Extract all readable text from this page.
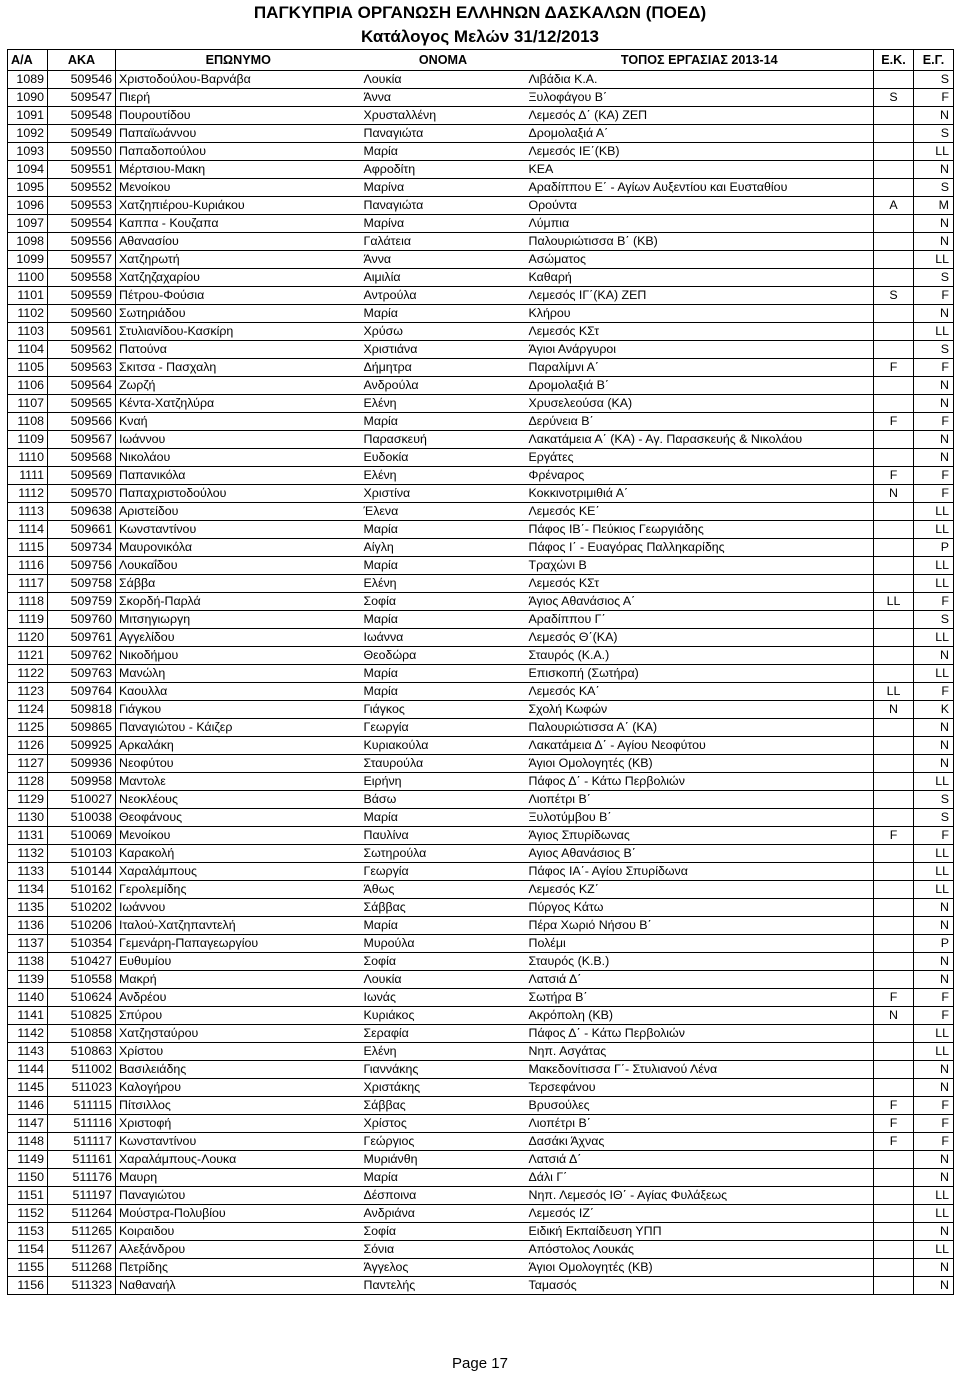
ΠΑΓΚΥΠΡΙΑ ΟΡΓΑΝΩΣΗ ΕΛΛΗΝΩΝ ΔΑΣΚΑΛΩΝ (ΠΟΕΔ)
Κατάλογος Μελών 31/12/2013
Α/Α	ΑΚΑ	ΕΠΩΝΥΜΟ	ΟΝΟΜΑ	ΤΟΠΟΣ ΕΡΓΑΣΙΑΣ 2013-14	Ε.Κ.	Ε.Γ.
1089	509546	Χριστοδούλου-Βαρνάβα	Λουκία	Λιβάδια Κ.Α.		S
1090	509547	Πιερή	Άννα	Ξυλοφάγου Β΄	S	F
1091	509548	Πουρουτίδου	Χρυσταλλένη	Λεμεσός Δ΄ (ΚΑ) ΖΕΠ		N
1092	509549	Παπαϊωάννου	Παναγιώτα	Δρομολαξιά Α΄		S
1093	509550	Παπαδοπούλου	Μαρία	Λεμεσός ΙΕ΄(ΚΒ)		LL
1094	509551	Μέρτσιου-Μακη	Αφροδίτη	ΚΕΑ		N
1095	509552	Μενοίκου	Μαρίνα	Αραδίππου Ε΄ - Αγίων Αυξεντίου και Ευσταθίου		S
1096	509553	Χατζηπιέρου-Κυριάκου	Παναγιώτα	Ορούντα	A	M
1097	509554	Καππα - Κουζαπα	Μαρίνα	Λύμπια		N
1098	509556	Αθανασίου	Γαλάτεια	Παλουριώτισσα Β΄ (ΚΒ)		N
1099	509557	Χατζηρωτή	Άννα	Ασώματος		LL
1100	509558	Χατζηζαχαρίου	Αιμιλία	Καθαρή		S
1101	509559	Πέτρου-Φούσια	Αντρούλα	Λεμεσός ΙΓ΄(ΚΑ) ΖΕΠ	S	F
1102	509560	Σωτηριάδου	Μαρία	Κλήρου		N
1103	509561	Στυλιανίδου-Κασκίρη	Χρύσω	Λεμεσός ΚΣτ		LL
1104	509562	Πατούνα	Χριστιάνα	Άγιοι Ανάργυροι		S
1105	509563	Σκιτσα - Πασχαλη	Δήμητρα	Παραλίμνι Α΄	F	F
1106	509564	Ζωρζή	Ανδρούλα	Δρομολαξιά Β΄		N
1107	509565	Κέντα-Χατζηλύρα	Ελένη	Χρυσελεούσα (ΚΑ)		N
1108	509566	Κναή	Μαρία	Δερύνεια Β΄	F	F
1109	509567	Ιωάννου	Παρασκευή	Λακατάμεια Α΄ (ΚΑ) - Αγ. Παρασκευής & Νικολάου		N
1110	509568	Νικολάου	Ευδοκία	Εργάτες		N
1111	509569	Παπανικόλα	Ελένη	Φρέναρος	F	F
1112	509570	Παπαχριστοδούλου	Χριστίνα	Κοκκινοτριμιθιά Α΄	N	F
1113	509638	Αριστείδου	Έλενα	Λεμεσός ΚΕ΄		LL
1114	509661	Κωνσταντίνου	Μαρία	Πάφος ΙΒ΄- Πεύκιος Γεωργιάδης		LL
1115	509734	Μαυρονικόλα	Αίγλη	Πάφος Ι΄ - Ευαγόρας Παλληκαρίδης		P
1116	509756	Λουκαΐδου	Μαρία	Τραχώνι Β		LL
1117	509758	Σάββα	Ελένη	Λεμεσός ΚΣτ		LL
1118	509759	Σκορδή-Παρλά	Σοφία	Άγιος Αθανάσιος Α΄	LL	F
1119	509760	Μιτσηγιωργη	Μαρία	Αραδίππου Γ΄		S
1120	509761	Αγγελίδου	Ιωάννα	Λεμεσός Θ΄(ΚΑ)		LL
1121	509762	Νικοδήμου	Θεοδώρα	Σταυρός (Κ.Α.)		N
1122	509763	Μανώλη	Μαρία	Επισκοπή (Σωτήρα)		LL
1123	509764	Καουλλα	Μαρία	Λεμεσός ΚΑ΄	LL	F
1124	509818	Γιάγκου	Γιάγκος	Σχολή Κωφών	N	K
1125	509865	Παναγιώτου - Κάιζερ	Γεωργία	Παλουριώτισσα Α΄ (ΚΑ)		N
1126	509925	Αρκαλάκη	Κυριακούλα	Λακατάμεια Δ΄ - Αγίου Νεοφύτου		N
1127	509936	Νεοφύτου	Σταυρούλα	Άγιοι Ομολογητές (ΚΒ)		N
1128	509958	Μαντολε	Ειρήνη	Πάφος Δ΄ - Κάτω Περβολιών		LL
1129	510027	Νεοκλέους	Βάσω	Λιοπέτρι Β΄		S
1130	510038	Θεοφάνους	Μαρία	Ξυλοτύμβου Β΄		S
1131	510069	Μενοίκου	Παυλίνα	Άγιος Σπυρίδωνας	F	F
1132	510103	Καρακολή	Σωτηρούλα	Αγιος Αθανάσιος Β΄		LL
1133	510144	Χαραλάμπους	Γεωργία	Πάφος ΙΑ΄- Αγίου Σπυρίδωνα		LL
1134	510162	Γερολεμίδης	Άθως	Λεμεσός ΚΖ΄		LL
1135	510202	Ιωάννου	Σάββας	Πύργος Κάτω		N
1136	510206	Ιταλού-Χατζηπαντελή	Μαρία	Πέρα Χωριό Νήσου Β΄		N
1137	510354	Γεμενάρη-Παπαγεωργίου	Μυρούλα	Πολέμι		P
1138	510427	Ευθυμίου	Σοφία	Σταυρός (Κ.Β.)		N
1139	510558	Μακρή	Λουκία	Λατσιά Δ΄		N
1140	510624	Ανδρέου	Ιωνάς	Σωτήρα Β΄	F	F
1141	510825	Σπύρου	Κυριάκος	Ακρόπολη (ΚΒ)	N	F
1142	510858	Χατζησταύρου	Σεραφία	Πάφος Δ΄ - Κάτω Περβολιών		LL
1143	510863	Χρίστου	Ελένη	Νηπ. Ασγάτας		LL
1144	511002	Βασιλειάδης	Γιαννάκης	Μακεδονίτισσα Γ΄- Στυλιανού Λένα		N
1145	511023	Καλογήρου	Χριστάκης	Τερσεφάνου		N
1146	511115	Πίτσιλλος	Σάββας	Βρυσούλες	F	F
1147	511116	Χριστοφή	Χρίστος	Λιοπέτρι Β΄	F	F
1148	511117	Κωνσταντίνου	Γεώργιος	Δασάκι Άχνας	F	F
1149	511161	Χαραλάμπους-Λουκα	Μυριάνθη	Λατσιά Δ΄		N
1150	511176	Μαυρη	Μαρία	Δάλι Γ΄		N
1151	511197	Παναγιώτου	Δέσποινα	Νηπ. Λεμεσός ΙΘ΄ - Αγίας Φυλάξεως		LL
1152	511264	Μούστρα-Πολυβίου	Ανδριάνα	Λεμεσός ΙΖ΄		LL
1153	511265	Κοιραιδου	Σοφία	Ειδική Εκπαίδευση ΥΠΠ		N
1154	511267	Αλεξάνδρου	Σόνια	Απόστολος Λουκάς		LL
1155	511268	Πετρίδης	Άγγελος	Άγιοι Ομολογητές (ΚΒ)		N
1156	511323	Ναθαναήλ	Παντελής	Ταμασός		N
Page 17
